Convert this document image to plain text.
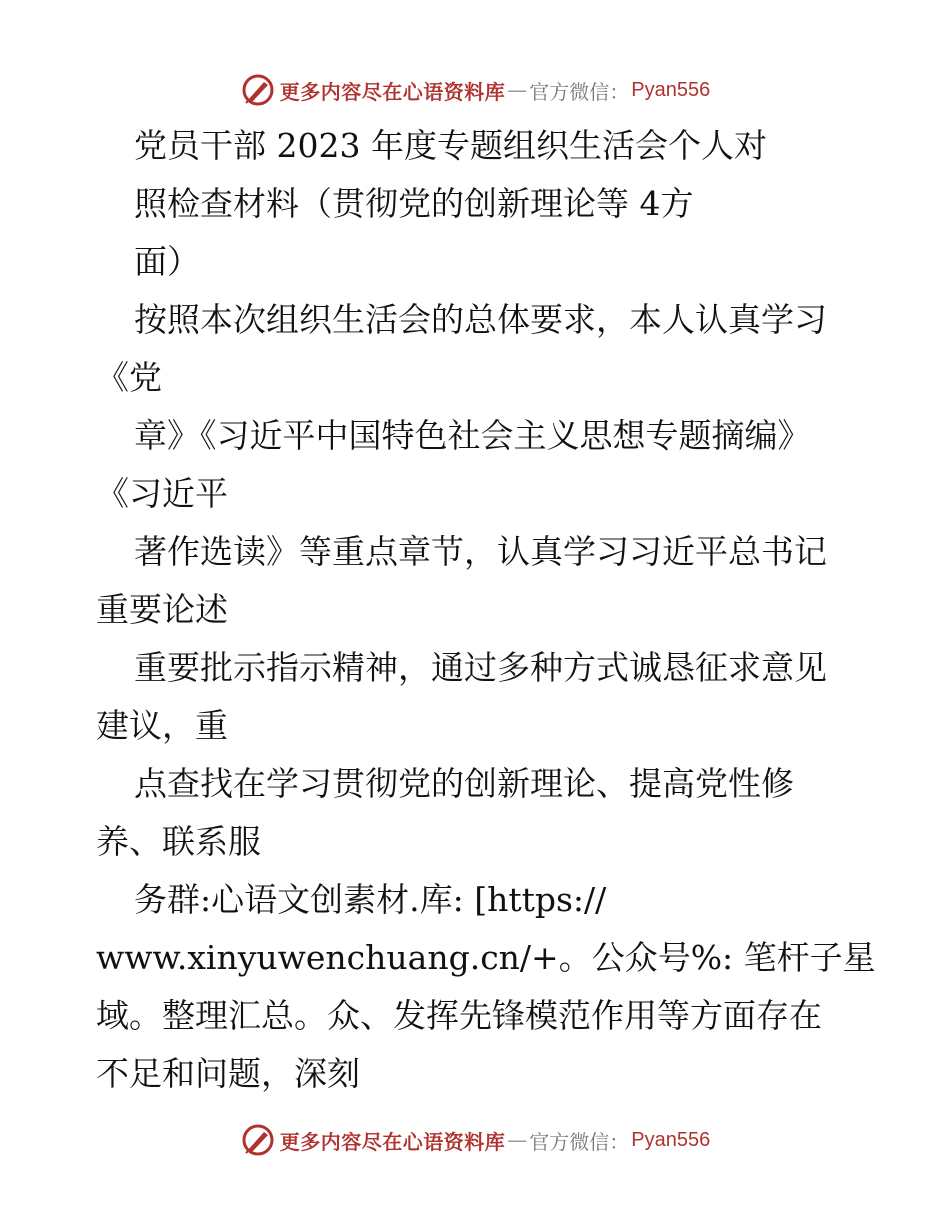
更多内容尽在心语资料库 — 官方微信： Pyan556
党员干部 2023 年度专题组织生活会个人对
照检查材料（贯彻党的创新理论等 4方
面）
按照本次组织生活会的总体要求，本人认真学习
《党
章》《习近平中国特色社会主义思想专题摘编》
《习近平
著作选读》等重点章节，认真学习习近平总书记
重要论述
重要批示指示精神，通过多种方式诚恳征求意见
建议，重
点查找在学习贯彻党的创新理论、提高党性修
养、联系服
务群:心语文创素材.库: [https://
www.xinyuwenchuang.cn/+。公众号%: 笔杆子星
域。整理汇总。众、发挥先锋模范作用等方面存在
不足和问题，深刻
更多内容尽在心语资料库 — 官方微信： Pyan556
